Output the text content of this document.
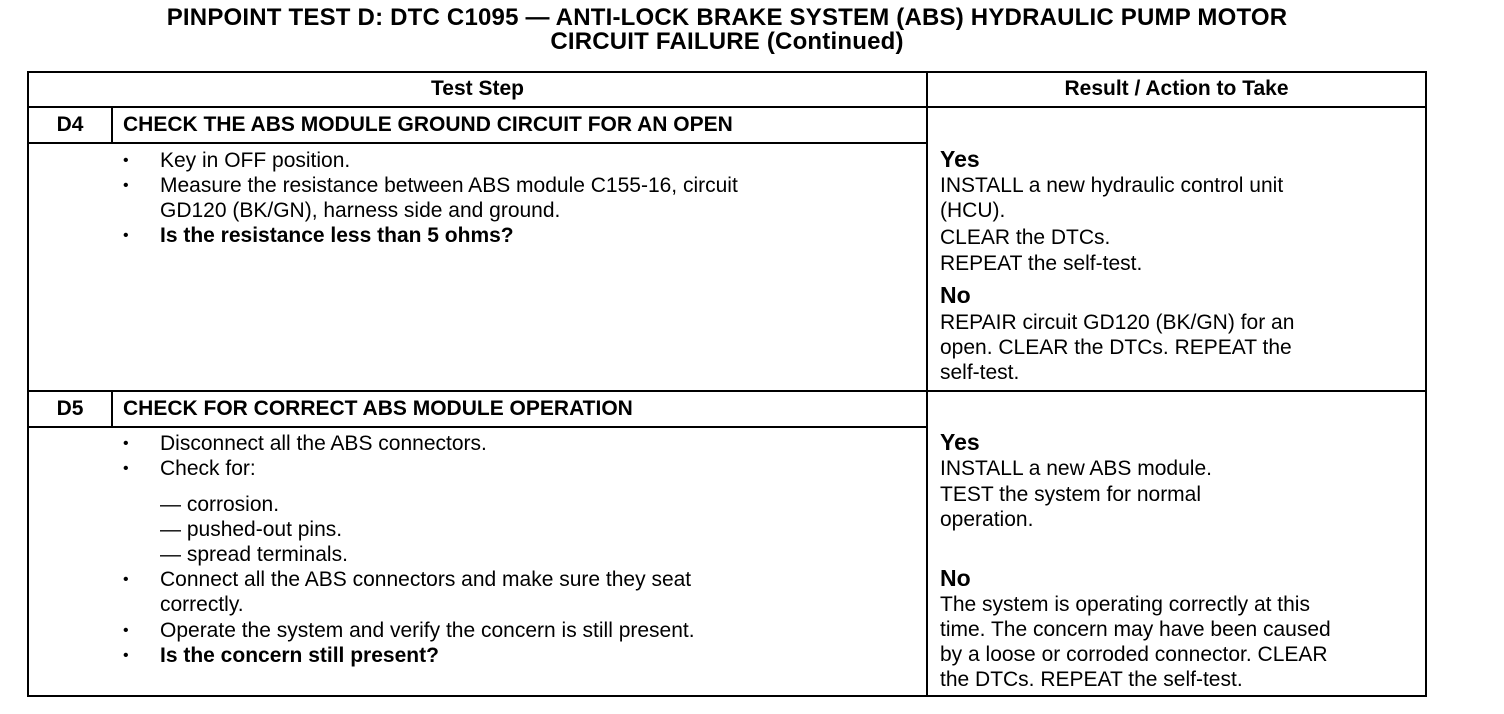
PINPOINT TEST D: DTC C1095 — ANTI-LOCK BRAKE SYSTEM (ABS) HYDRAULIC PUMP MOTOR
CIRCUIT FAILURE (Continued)
Test Step	Result / Action to Take
D4	CHECK THE ABS MODULE GROUND CIRCUIT FOR AN OPEN
• Key in OFF position.
• Measure the resistance between ABS module C155-16, circuit
GD120 (BK/GN), harness side and ground.
• Is the resistance less than 5 ohms?
Yes
INSTALL a new hydraulic control unit
(HCU).
CLEAR the DTCs.
REPEAT the self-test.
No
REPAIR circuit GD120 (BK/GN) for an
open. CLEAR the DTCs. REPEAT the
self-test.
D5	CHECK FOR CORRECT ABS MODULE OPERATION
• Disconnect all the ABS connectors.
• Check for:
— corrosion.
— pushed-out pins.
— spread terminals.
• Connect all the ABS connectors and make sure they seat
correctly.
• Operate the system and verify the concern is still present.
• Is the concern still present?
Yes
INSTALL a new ABS module.
TEST the system for normal
operation.
No
The system is operating correctly at this
time. The concern may have been caused
by a loose or corroded connector. CLEAR
the DTCs. REPEAT the self-test.
